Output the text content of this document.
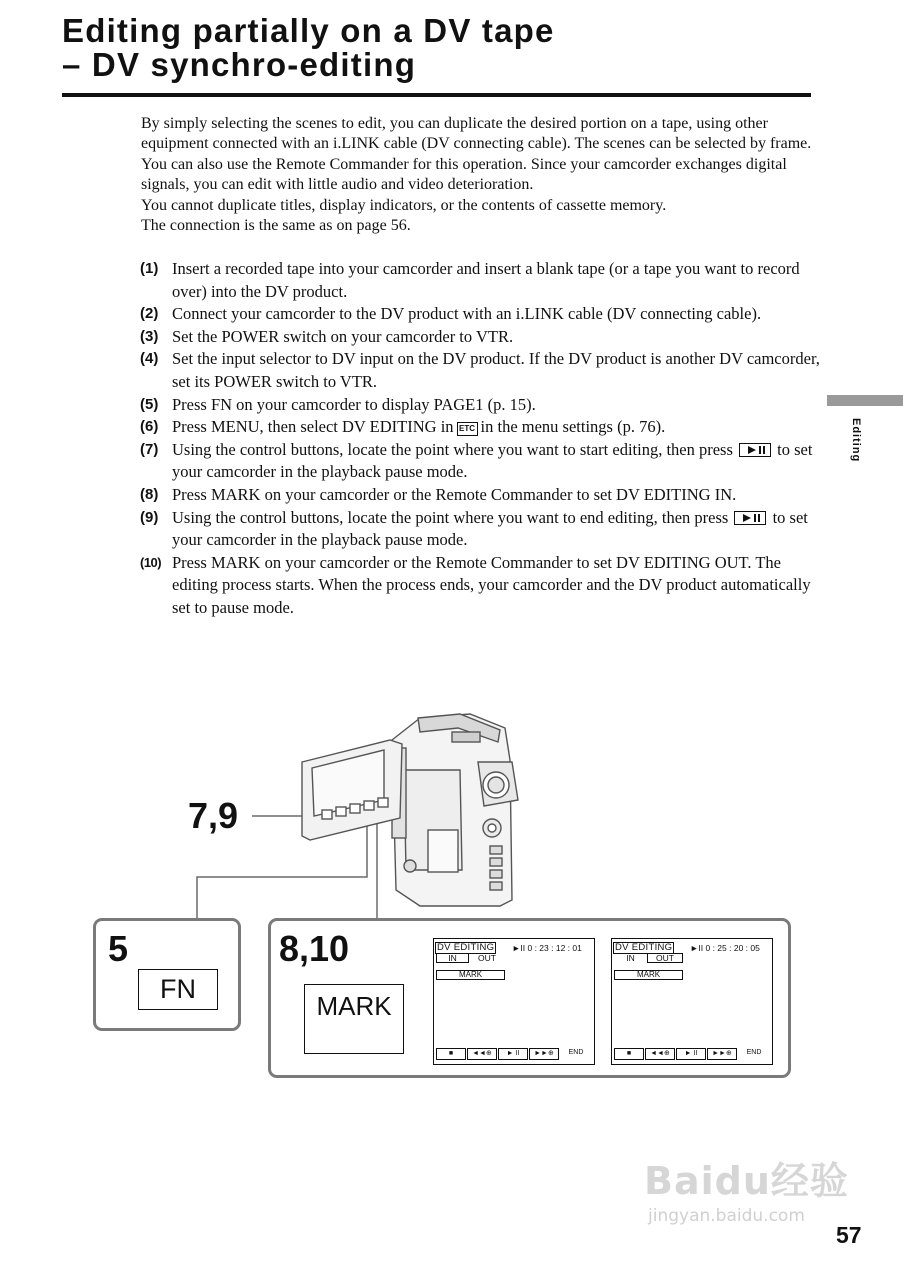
Editing partially on a DV tape
– DV synchro-editing

By simply selecting the scenes to edit, you can duplicate the desired portion on a tape, using other equipment connected with an i.LINK cable (DV connecting cable). The scenes can be selected by frame. You can also use the Remote Commander for this operation. Since your camcorder exchanges digital signals, you can edit with little audio and video deterioration.

You cannot duplicate titles, display indicators, or the contents of cassette memory.

The connection is the same as on page 56.

(1) Insert a recorded tape into your camcorder and insert a blank tape (or a tape you want to record over) into the DV product.
(2) Connect your camcorder to the DV product with an i.LINK cable (DV connecting cable).
(3) Set the POWER switch on your camcorder to VTR.
(4) Set the input selector to DV input on the DV product. If the DV product is another DV camcorder, set its POWER switch to VTR.
(5) Press FN on your camcorder to display PAGE1 (p. 15).
(6) Press MENU, then select DV EDITING in ETC in the menu settings (p. 76).
(7) Using the control buttons, locate the point where you want to start editing, then press	to set your camcorder in the playback pause mode.
(8) Press MARK on your camcorder or the Remote Commander to set DV EDITING IN.
(9) Using the control buttons, locate the point where you want to end editing, then press	to set your camcorder in the playback pause mode.
(10) Press MARK on your camcorder or the Remote Commander to set DV EDITING OUT. The editing process starts. When the process ends, your camcorder and the DV product automatically set to pause mode.
Editing
7,9
5
FN
8,10
MARK
DV EDITING ►II 0 : 23 : 12 : 01
IN	OUT
MARK
■	◄◄⊕	► II	►►⊕	END
DV EDITING ►II 0 : 25 : 20 : 05
IN	OUT
MARK
■	◄◄⊕	► II	►►⊕	END
Baidu经验
jingyan.baidu.com
57
